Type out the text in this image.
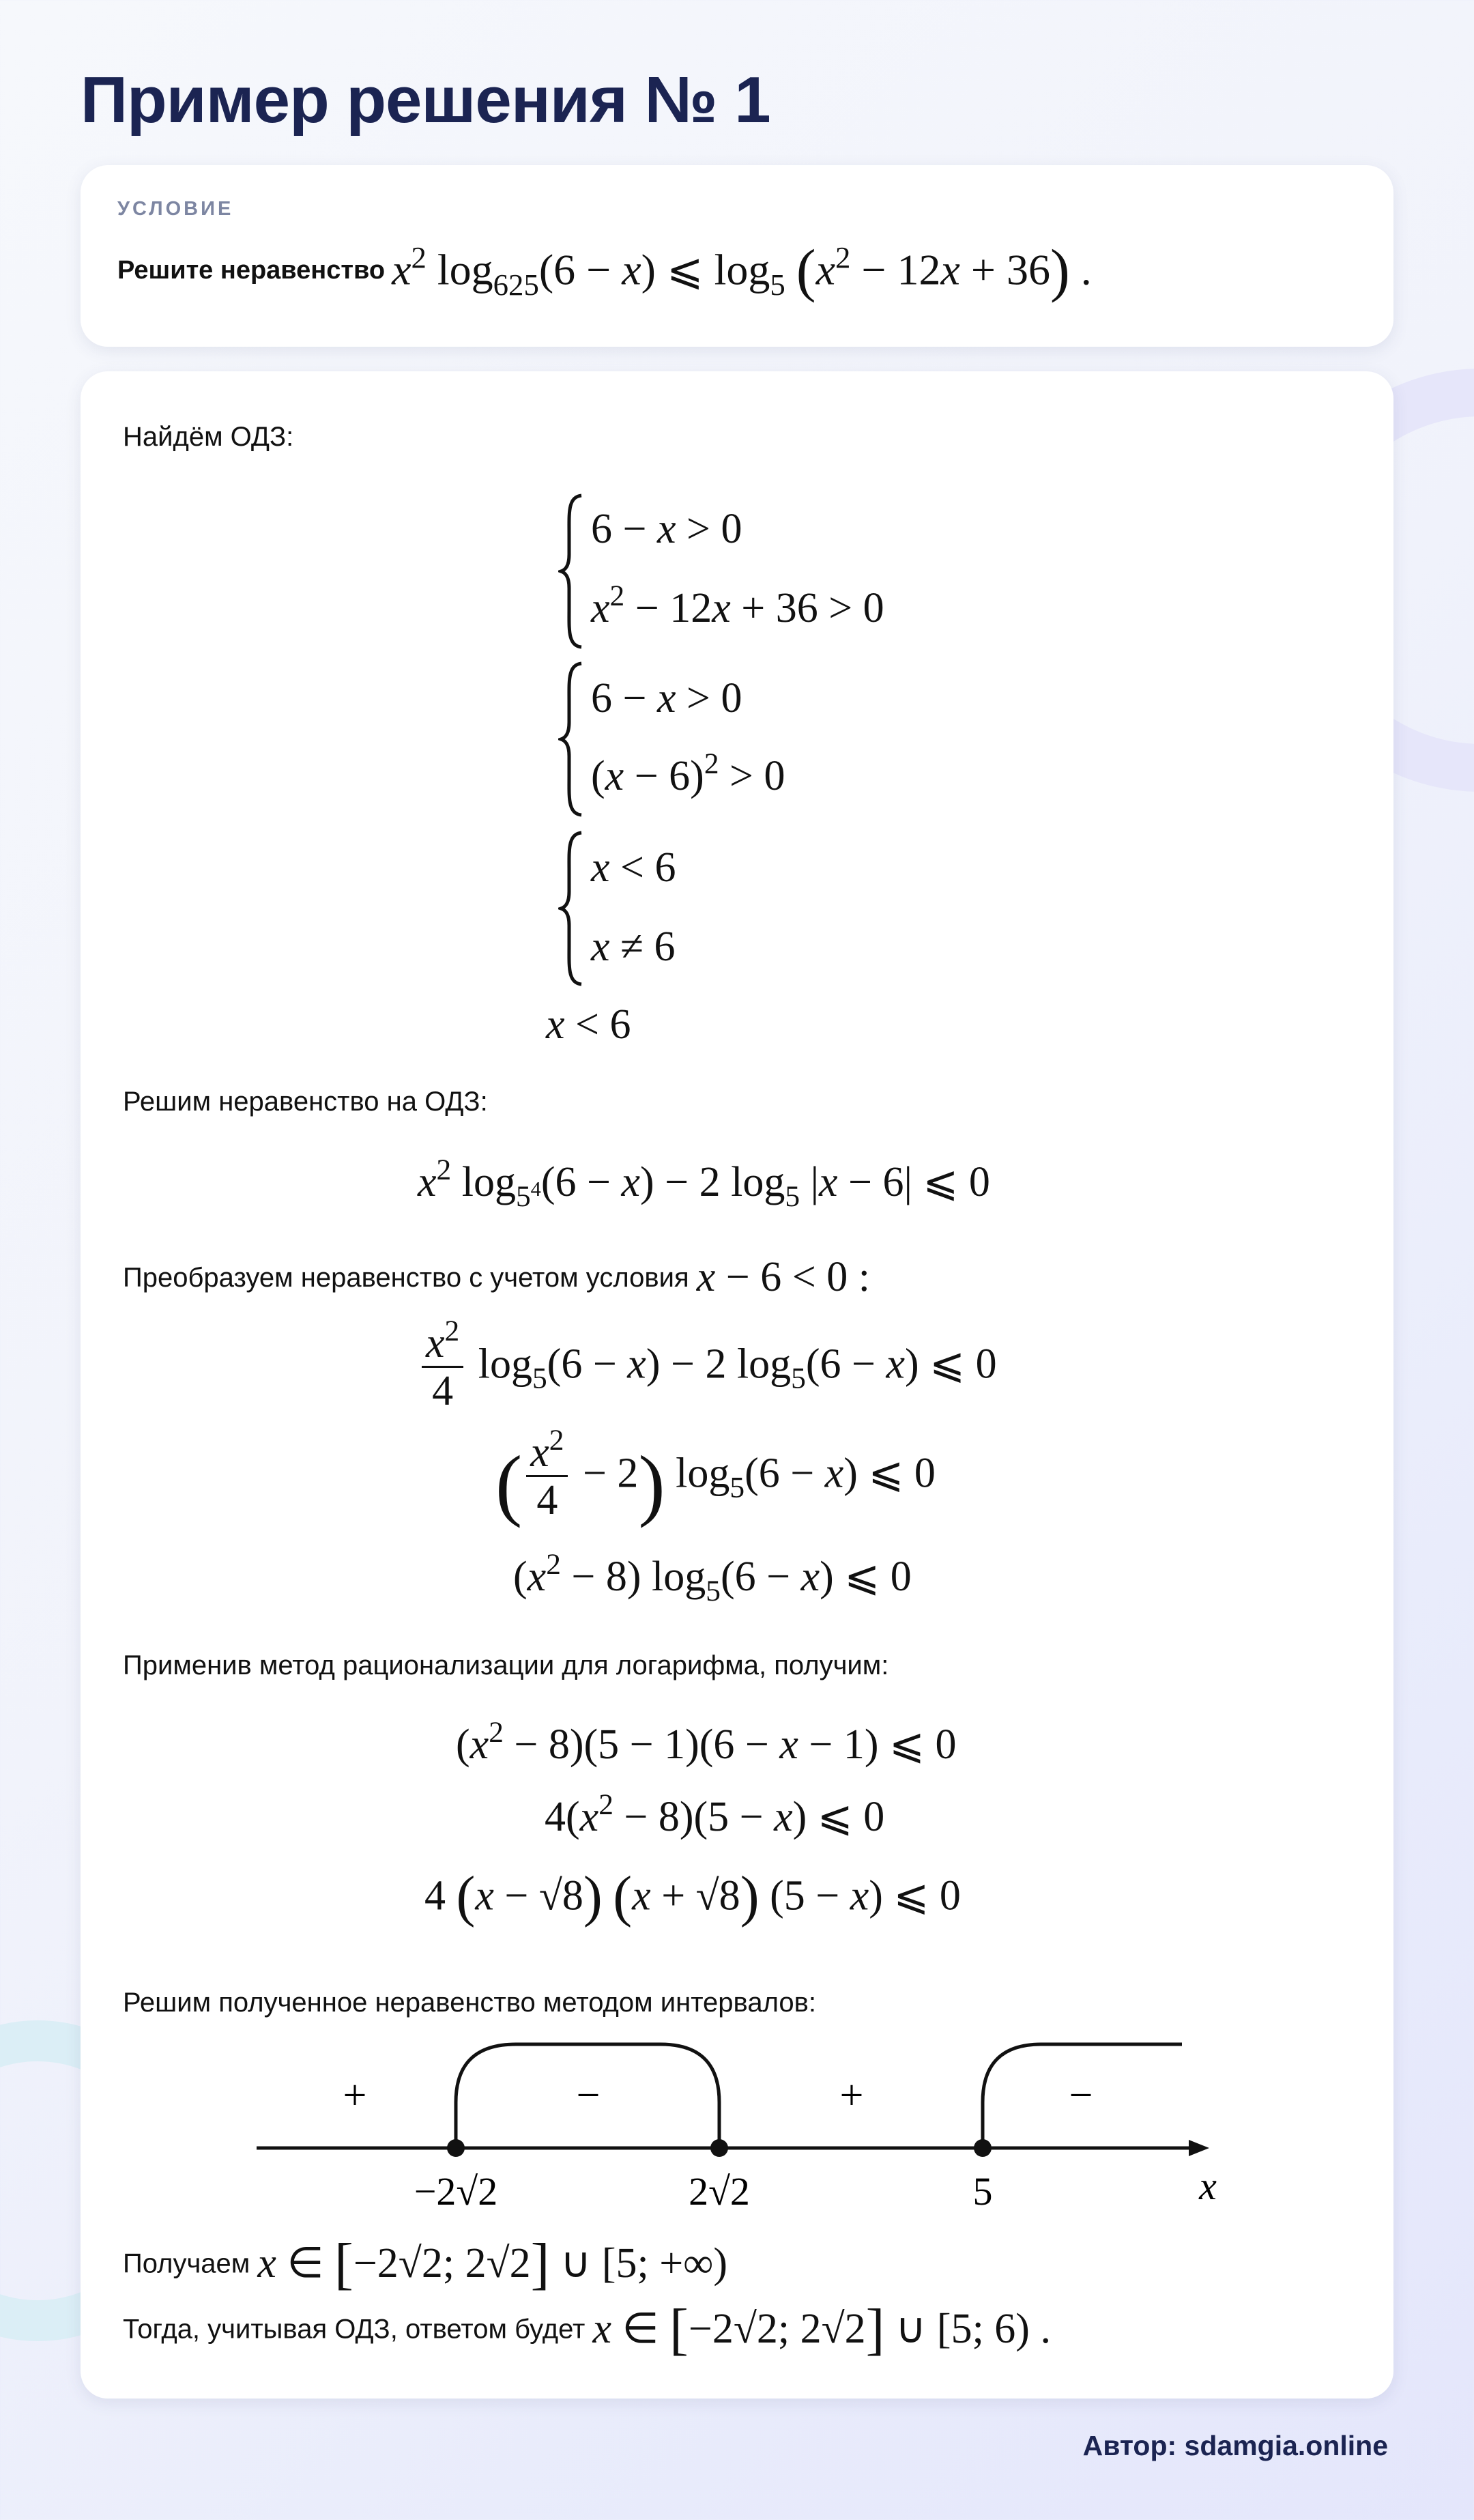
Пример решения № 1
УСЛОВИЕ
Решите неравенство $x^2$ $\log_{625}(6 - x)$ ⩽ $\log_5 (x^2 - 12x + 36)$ .
Найдём ОДЗ:
6 − x > 0
$x^2 - 12x + 36 > 0$
6 − x > 0
$(x - 6)^2 > 0$
x < 6
x ≠ 6
x < 6
Решим неравенство на ОДЗ:
$x^2$ $\log_{5^4}(6 - x) - 2$ $\log_5 |x - 6|$ ⩽ 0
Преобразуем неравенство с учетом условия x − 6 < 0 :
$\frac{x^2}{4} \log_5(6 - x) - 2$ $\log_5(6 - x)$ ⩽ 0
( $\frac{x^2}{4} - 2$) $\log_5(6 - x)$ ⩽ 0
$(x^2 - 8) \log_5(6 - x)$ ⩽ 0
Применив метод рационализации для логарифма, получим:
$(x^2 - 8)(5 - 1)(6 - x - 1)$ ⩽ 0
$4(x^2 - 8)(5 - x)$ ⩽ 0
4 (x − √8) (x + √8) (5 − x) ⩽ 0
Решим полученное неравенство методом интервалов:
+	−	+	−
−2√2	2√2	5	x
Получаем x ∈ [−2√2; 2√2] ∪ [5; +∞)
Тогда, учитывая ОДЗ, ответом будет x ∈ [−2√2; 2√2] ∪ [5; 6) .
Автор: sdamgia.online
